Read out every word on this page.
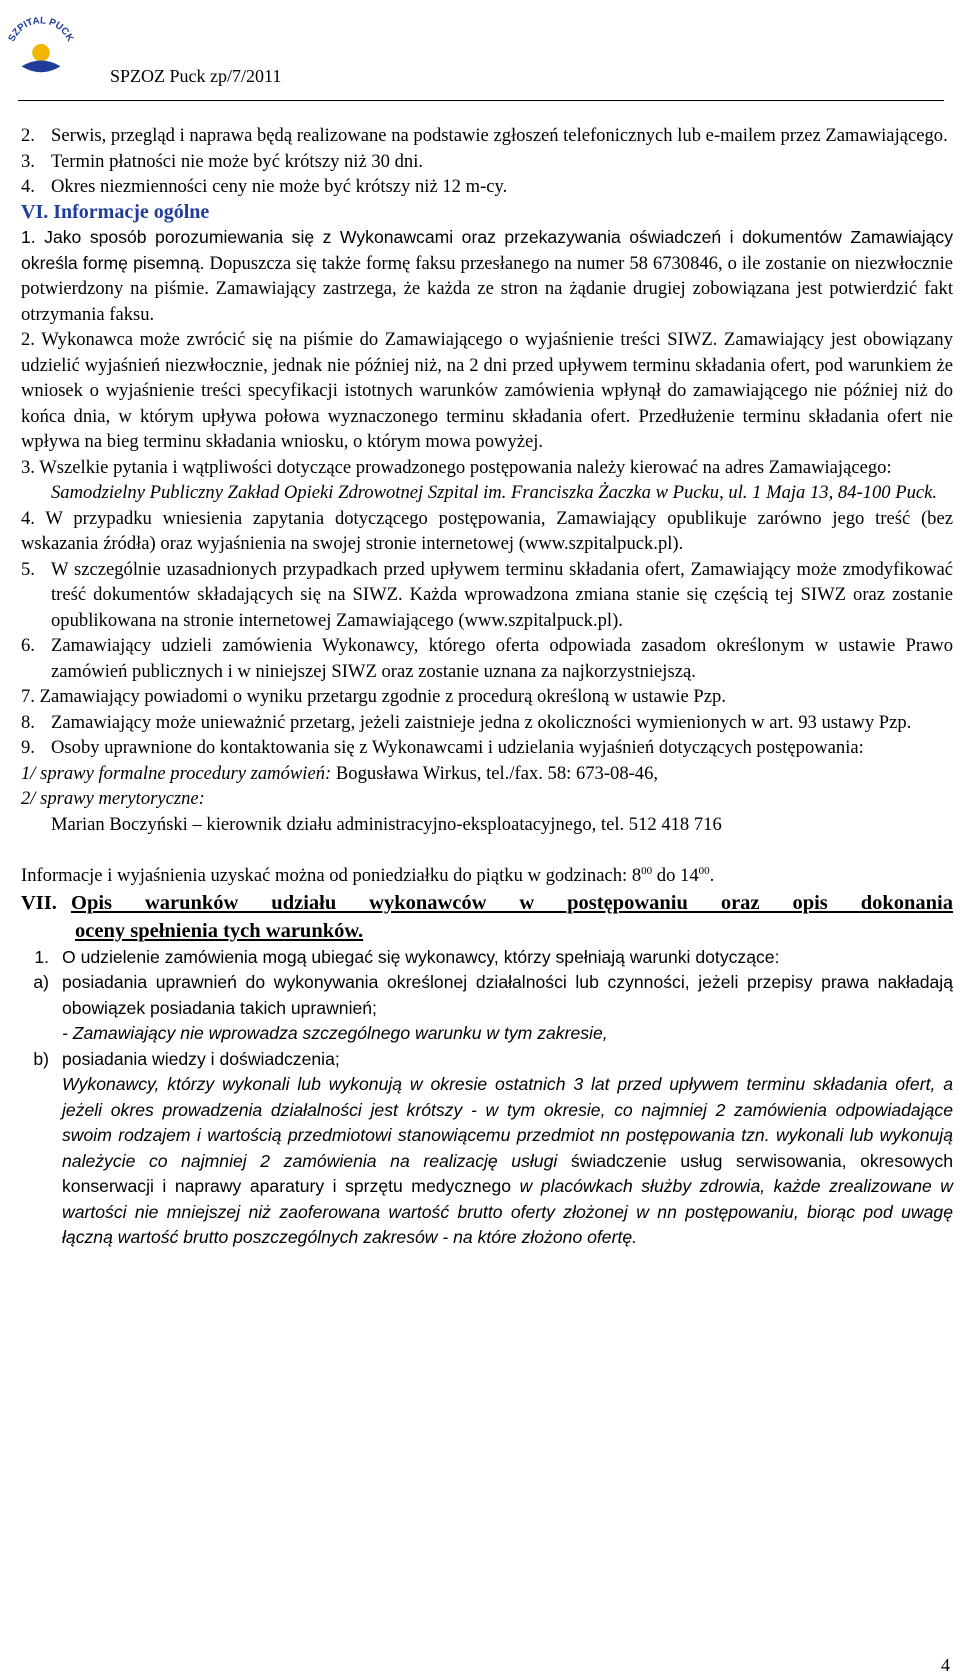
SZPITAL PUCK
SPZOZ Puck zp/7/2011
2. Serwis, przegląd i naprawa będą realizowane na podstawie zgłoszeń telefonicznych lub e-mailem przez Zamawiającego.
3. Termin płatności nie może być krótszy niż 30 dni.
4. Okres niezmienności ceny nie może być krótszy niż 12 m-cy.
VI. Informacje ogólne
1. Jako sposób porozumiewania się z Wykonawcami oraz przekazywania oświadczeń i dokumentów Zamawiający określa formę pisemną. Dopuszcza się także formę faksu przesłanego na numer 58 6730846, o ile zostanie on niezwłocznie potwierdzony na piśmie. Zamawiający zastrzega, że każda ze stron na żądanie drugiej zobowiązana jest potwierdzić fakt otrzymania faksu.
2. Wykonawca może zwrócić się na piśmie do Zamawiającego o wyjaśnienie treści SIWZ. Zamawiający jest obowiązany udzielić wyjaśnień niezwłocznie, jednak nie później niż, na 2 dni przed upływem terminu składania ofert, pod warunkiem że wniosek o wyjaśnienie treści specyfikacji istotnych warunków zamówienia wpłynął do zamawiającego nie później niż do końca dnia, w którym upływa połowa wyznaczonego terminu składania ofert. Przedłużenie terminu składania ofert nie wpływa na bieg terminu składania wniosku, o którym mowa powyżej.
3. Wszelkie pytania i wątpliwości dotyczące prowadzonego postępowania należy kierować na adres Zamawiającego:
Samodzielny Publiczny Zakład Opieki Zdrowotnej Szpital im. Franciszka Żaczka w Pucku, ul. 1 Maja 13, 84-100 Puck.
4. W przypadku wniesienia zapytania dotyczącego postępowania, Zamawiający opublikuje zarówno jego treść (bez wskazania źródła) oraz wyjaśnienia na swojej stronie internetowej (www.szpitalpuck.pl).
5. W szczególnie uzasadnionych przypadkach przed upływem terminu składania ofert, Zamawiający może zmodyfikować treść dokumentów składających się na SIWZ. Każda wprowadzona zmiana stanie się częścią tej SIWZ oraz zostanie opublikowana na stronie internetowej Zamawiającego (www.szpitalpuck.pl).
6. Zamawiający udzieli zamówienia Wykonawcy, którego oferta odpowiada zasadom określonym w ustawie Prawo zamówień publicznych i w niniejszej SIWZ oraz zostanie uznana za najkorzystniejszą.
7. Zamawiający powiadomi o wyniku przetargu zgodnie z procedurą określoną w ustawie Pzp.
8. Zamawiający może unieważnić przetarg, jeżeli zaistnieje jedna z okoliczności wymienionych w art. 93 ustawy Pzp.
9. Osoby uprawnione do kontaktowania się z Wykonawcami i udzielania wyjaśnień dotyczących postępowania:
1/ sprawy formalne procedury zamówień: Bogusława Wirkus, tel./fax. 58: 673-08-46,
2/ sprawy merytoryczne:
Marian Boczyński – kierownik działu administracyjno-eksploatacyjnego, tel. 512 418 716
Informacje i wyjaśnienia uzyskać można od poniedziałku do piątku w godzinach: $8^{00}$ do $14^{00}$.
VII. Opis warunków udziału wykonawców w postępowaniu oraz opis dokonania
oceny spełnienia tych warunków.
1. O udzielenie zamówienia mogą ubiegać się wykonawcy, którzy spełniają warunki dotyczące:
a) posiadania uprawnień do wykonywania określonej działalności lub czynności, jeżeli przepisy prawa nakładają obowiązek posiadania takich uprawnień;
- Zamawiający nie wprowadza szczególnego warunku w tym zakresie,
b) posiadania wiedzy i doświadczenia;
Wykonawcy, którzy wykonali lub wykonują w okresie ostatnich 3 lat przed upływem terminu składania ofert, a jeżeli okres prowadzenia działalności jest krótszy - w tym okresie, co najmniej 2 zamówienia odpowiadające swoim rodzajem i wartością przedmiotowi stanowiącemu przedmiot nn postępowania tzn. wykonali lub wykonują należycie co najmniej 2 zamówienia na realizację usługi świadczenie usług serwisowania, okresowych konserwacji i naprawy aparatury i sprzętu medycznego w placówkach służby zdrowia, każde zrealizowane w wartości nie mniejszej niż zaoferowana wartość brutto oferty złożonej w nn postępowaniu, biorąc pod uwagę łączną wartość brutto poszczególnych zakresów - na które złożono ofertę.
4
